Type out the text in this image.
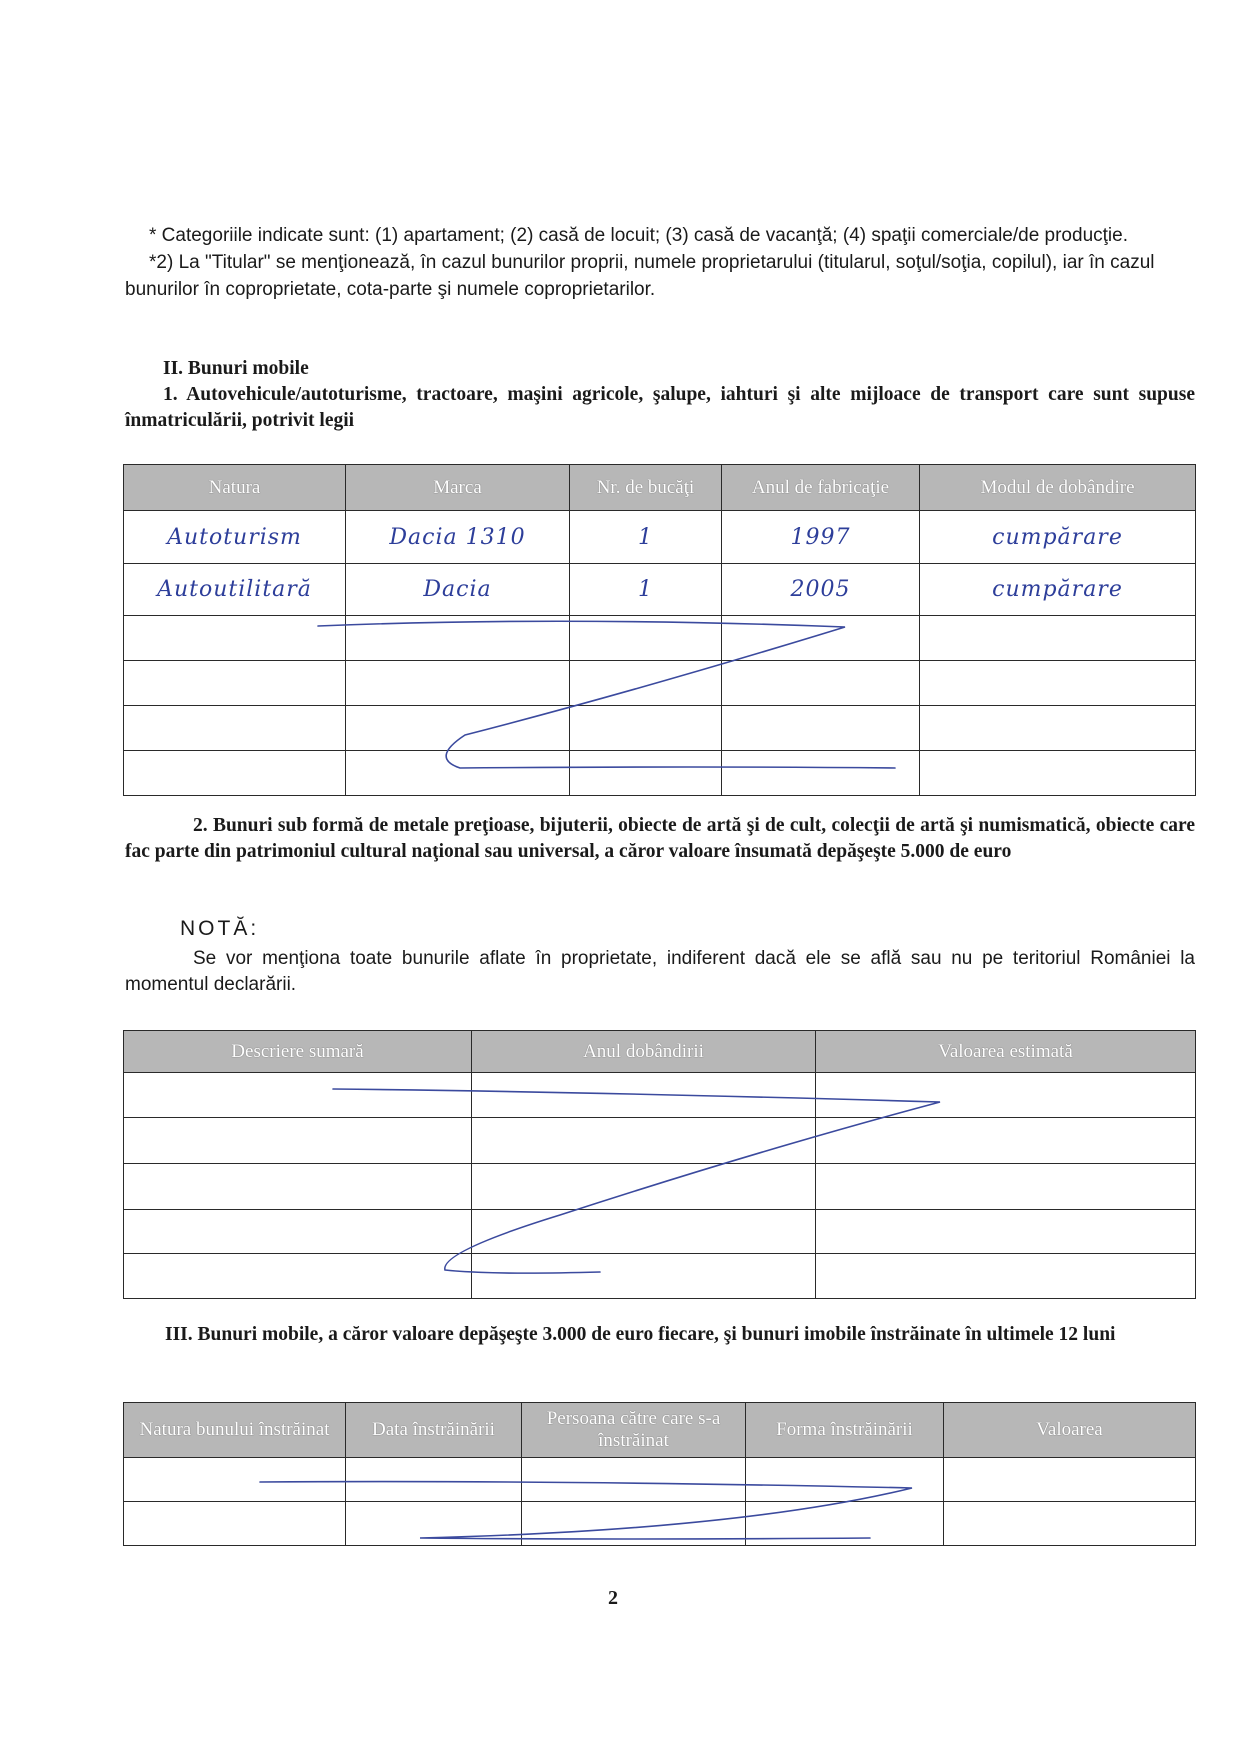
* Categoriile indicate sunt: (1) apartament; (2) casă de locuit; (3) casă de vacanţă; (4) spaţii comerciale/de producţie.

*2) La "Titular" se menţionează, în cazul bunurilor proprii, numele proprietarului (titularul, soţul/soţia, copilul), iar în cazul bunurilor în coproprietate, cota-parte şi numele coproprietarilor.

II. Bunuri mobile
1. Autovehicule/autoturisme, tractoare, maşini agricole, şalupe, iahturi şi alte mijloace de transport care sunt supuse înmatriculării, potrivit legii
Natura	Marca	Nr. de bucăţi	Anul de fabricaţie	Modul de dobândire
Autoturism	Dacia 1310	1	1997	cumpărare
Autoutilitară	Dacia	1	2005	cumpărare

2. Bunuri sub formă de metale preţioase, bijuterii, obiecte de artă şi de cult, colecţii de artă şi numismatică, obiecte care fac parte din patrimoniul cultural naţional sau universal, a căror valoare însumată depăşeşte 5.000 de euro
NOTĂ:
Se vor menţiona toate bunurile aflate în proprietate, indiferent dacă ele se află sau nu pe teritoriul României la momentul declarării.
Descriere sumară	Anul dobândirii	Valoarea estimată

III. Bunuri mobile, a căror valoare depăşeşte 3.000 de euro fiecare, şi bunuri imobile înstrăinate în ultimele 12 luni
Natura bunului înstrăinat	Data înstrăinării	Persoana către care s-a înstrăinat	Forma înstrăinării	Valoarea

2
